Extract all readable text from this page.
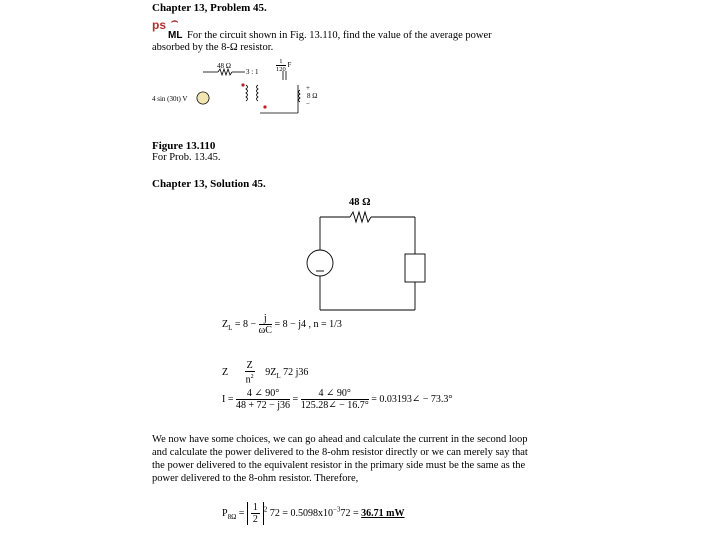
Chapter 13, Problem 45.
ps ⌢
ML For the circuit shown in Fig. 13.110, find the value of the average power
absorbed by the 8-Ω resistor.
48 Ω
3 : 1	$\frac{1}{120}$ F
+
−
8 Ω
4 sin (30t) V
Figure 13.110
For Prob. 13.45.
Chapter 13, Solution 45.
48 Ω
$Z_L = 8 - \frac{j}{\omega C} = 8 - j4$ , n = 1/3
Z $\frac{Z}{n^2} 9Z_L$ 72 j36
$I = \frac{4 \angle 90^\circ}{48 + 72 - j36} = \frac{4 \angle 90^\circ}{125.28\angle - 16.7^\circ}$ = 0.03193∠ − 73.3°
We now have some choices, we can go ahead and calculate the current in the second loop
and calculate the power delivered to the 8-ohm resistor directly or we can merely say that
the power delivered to the equivalent resistor in the primary side must be the same as the
power delivered to the 8-ohm resistor. Therefore,
$P_{8\Omega} = \frac{1}{2} ^2$ $72 = 0.5098x10^{-3}72 = 36.71$ mW
